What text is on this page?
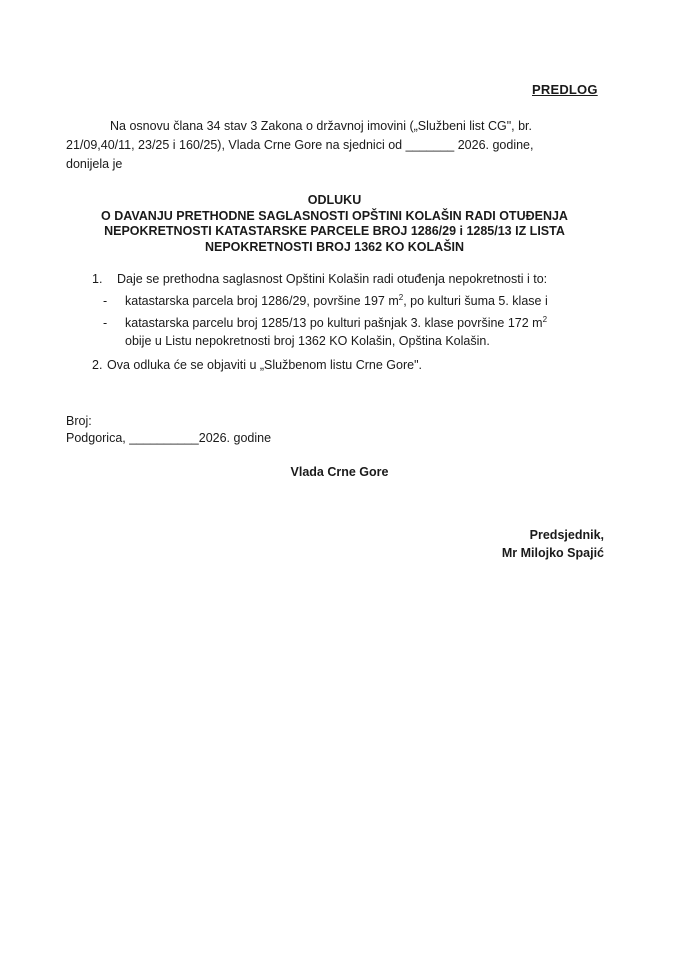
PREDLOG
Na osnovu člana 34 stav 3 Zakona o državnoj imovini („Službeni list CG", br.
21/09,40/11, 23/25 i 160/25), Vlada Crne Gore na sjednici od _______ 2026. godine,
donijela je
ODLUKU
O DAVANJU PRETHODNE SAGLASNOSTI OPŠTINI KOLAŠIN RADI OTUĐENJA
NEPOKRETNOSTI KATASTARSKE PARCELE BROJ 1286/29 i 1285/13 IZ LISTA
NEPOKRETNOSTI BROJ 1362 KO KOLAŠIN
1. Daje se prethodna saglasnost Opštini Kolašin radi otuđenja nepokretnosti i to:
- katastarska parcela broj 1286/29, površine 197 $m^2$, po kulturi šuma 5. klase i
- katastarska parcelu broj 1285/13 po kulturi pašnjak 3. klase površine 172 $m^2$
obije u Listu nepokretnosti broj 1362 KO Kolašin, Opština Kolašin.
2. Ova odluka će se objaviti u „Službenom listu Crne Gore".
Broj:
Podgorica, __________2026. godine
Vlada Crne Gore
Predsjednik,
Mr Milojko Spajić
